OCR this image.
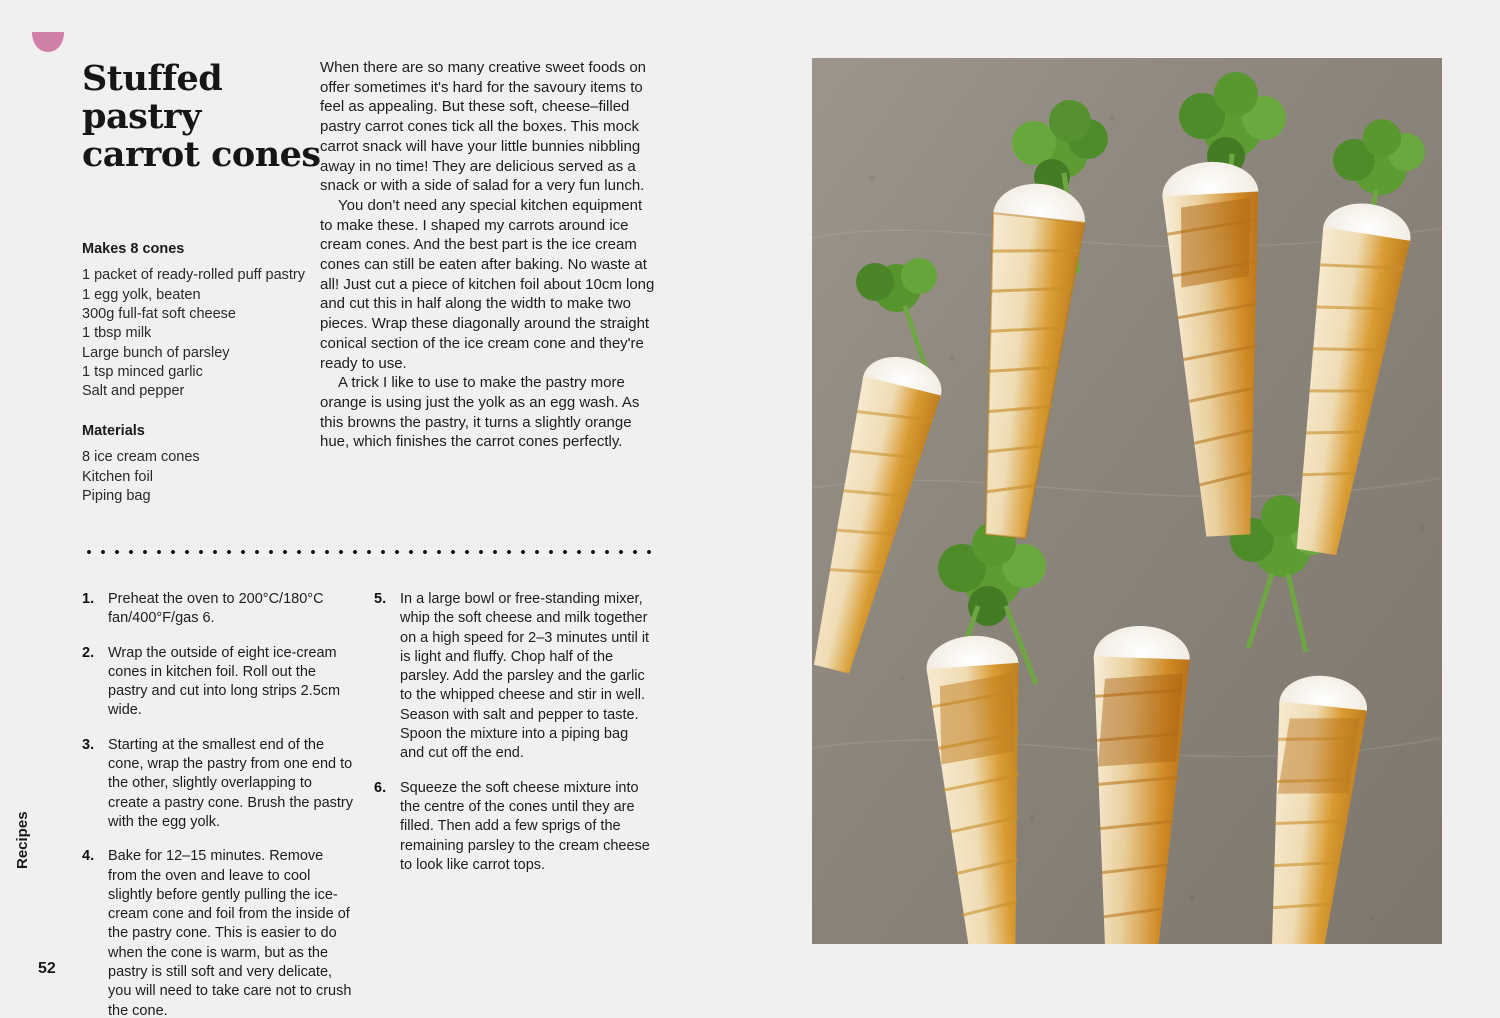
Stuffed pastry carrot cones
Makes 8 cones
1 packet of ready-rolled puff pastry
1 egg yolk, beaten
300g full-fat soft cheese
1 tbsp milk
Large bunch of parsley
1 tsp minced garlic
Salt and pepper
Materials
8 ice cream cones
Kitchen foil
Piping bag

When there are so many creative sweet foods on offer sometimes it's hard for the savoury items to feel as appealing. But these soft, cheese–filled pastry carrot cones tick all the boxes. This mock carrot snack will have your little bunnies nibbling away in no time! They are delicious served as a snack or with a side of salad for a very fun lunch.

You don't need any special kitchen equipment to make these. I shaped my carrots around ice cream cones. And the best part is the ice cream cones can still be eaten after baking. No waste at all! Just cut a piece of kitchen foil about 10cm long and cut this in half along the width to make two pieces. Wrap these diagonally around the straight conical section of the ice cream cone and they're ready to use.

A trick I like to use to make the pastry more orange is using just the yolk as an egg wash. As this browns the pastry, it turns a slightly orange hue, which finishes the carrot cones perfectly.

1. Preheat the oven to 200°C/180°C fan/400°F/gas 6.
2. Wrap the outside of eight ice-cream cones in kitchen foil. Roll out the pastry and cut into long strips 2.5cm wide.
3. Starting at the smallest end of the cone, wrap the pastry from one end to the other, slightly overlapping to create a pastry cone. Brush the pastry with the egg yolk.
4. Bake for 12–15 minutes. Remove from the oven and leave to cool slightly before gently pulling the ice-cream cone and foil from the inside of the pastry cone. This is easier to do when the cone is warm, but as the pastry is still soft and very delicate, you will need to take care not to crush the cone.
5. In a large bowl or free-standing mixer, whip the soft cheese and milk together on a high speed for 2–3 minutes until it is light and fluffy. Chop half of the parsley. Add the parsley and the garlic to the whipped cheese and stir in well. Season with salt and pepper to taste. Spoon the mixture into a piping bag and cut off the end.
6. Squeeze the soft cheese mixture into the centre of the cones until they are filled. Then add a few sprigs of the remaining parsley to the cream cheese to look like carrot tops.
Recipes
52
